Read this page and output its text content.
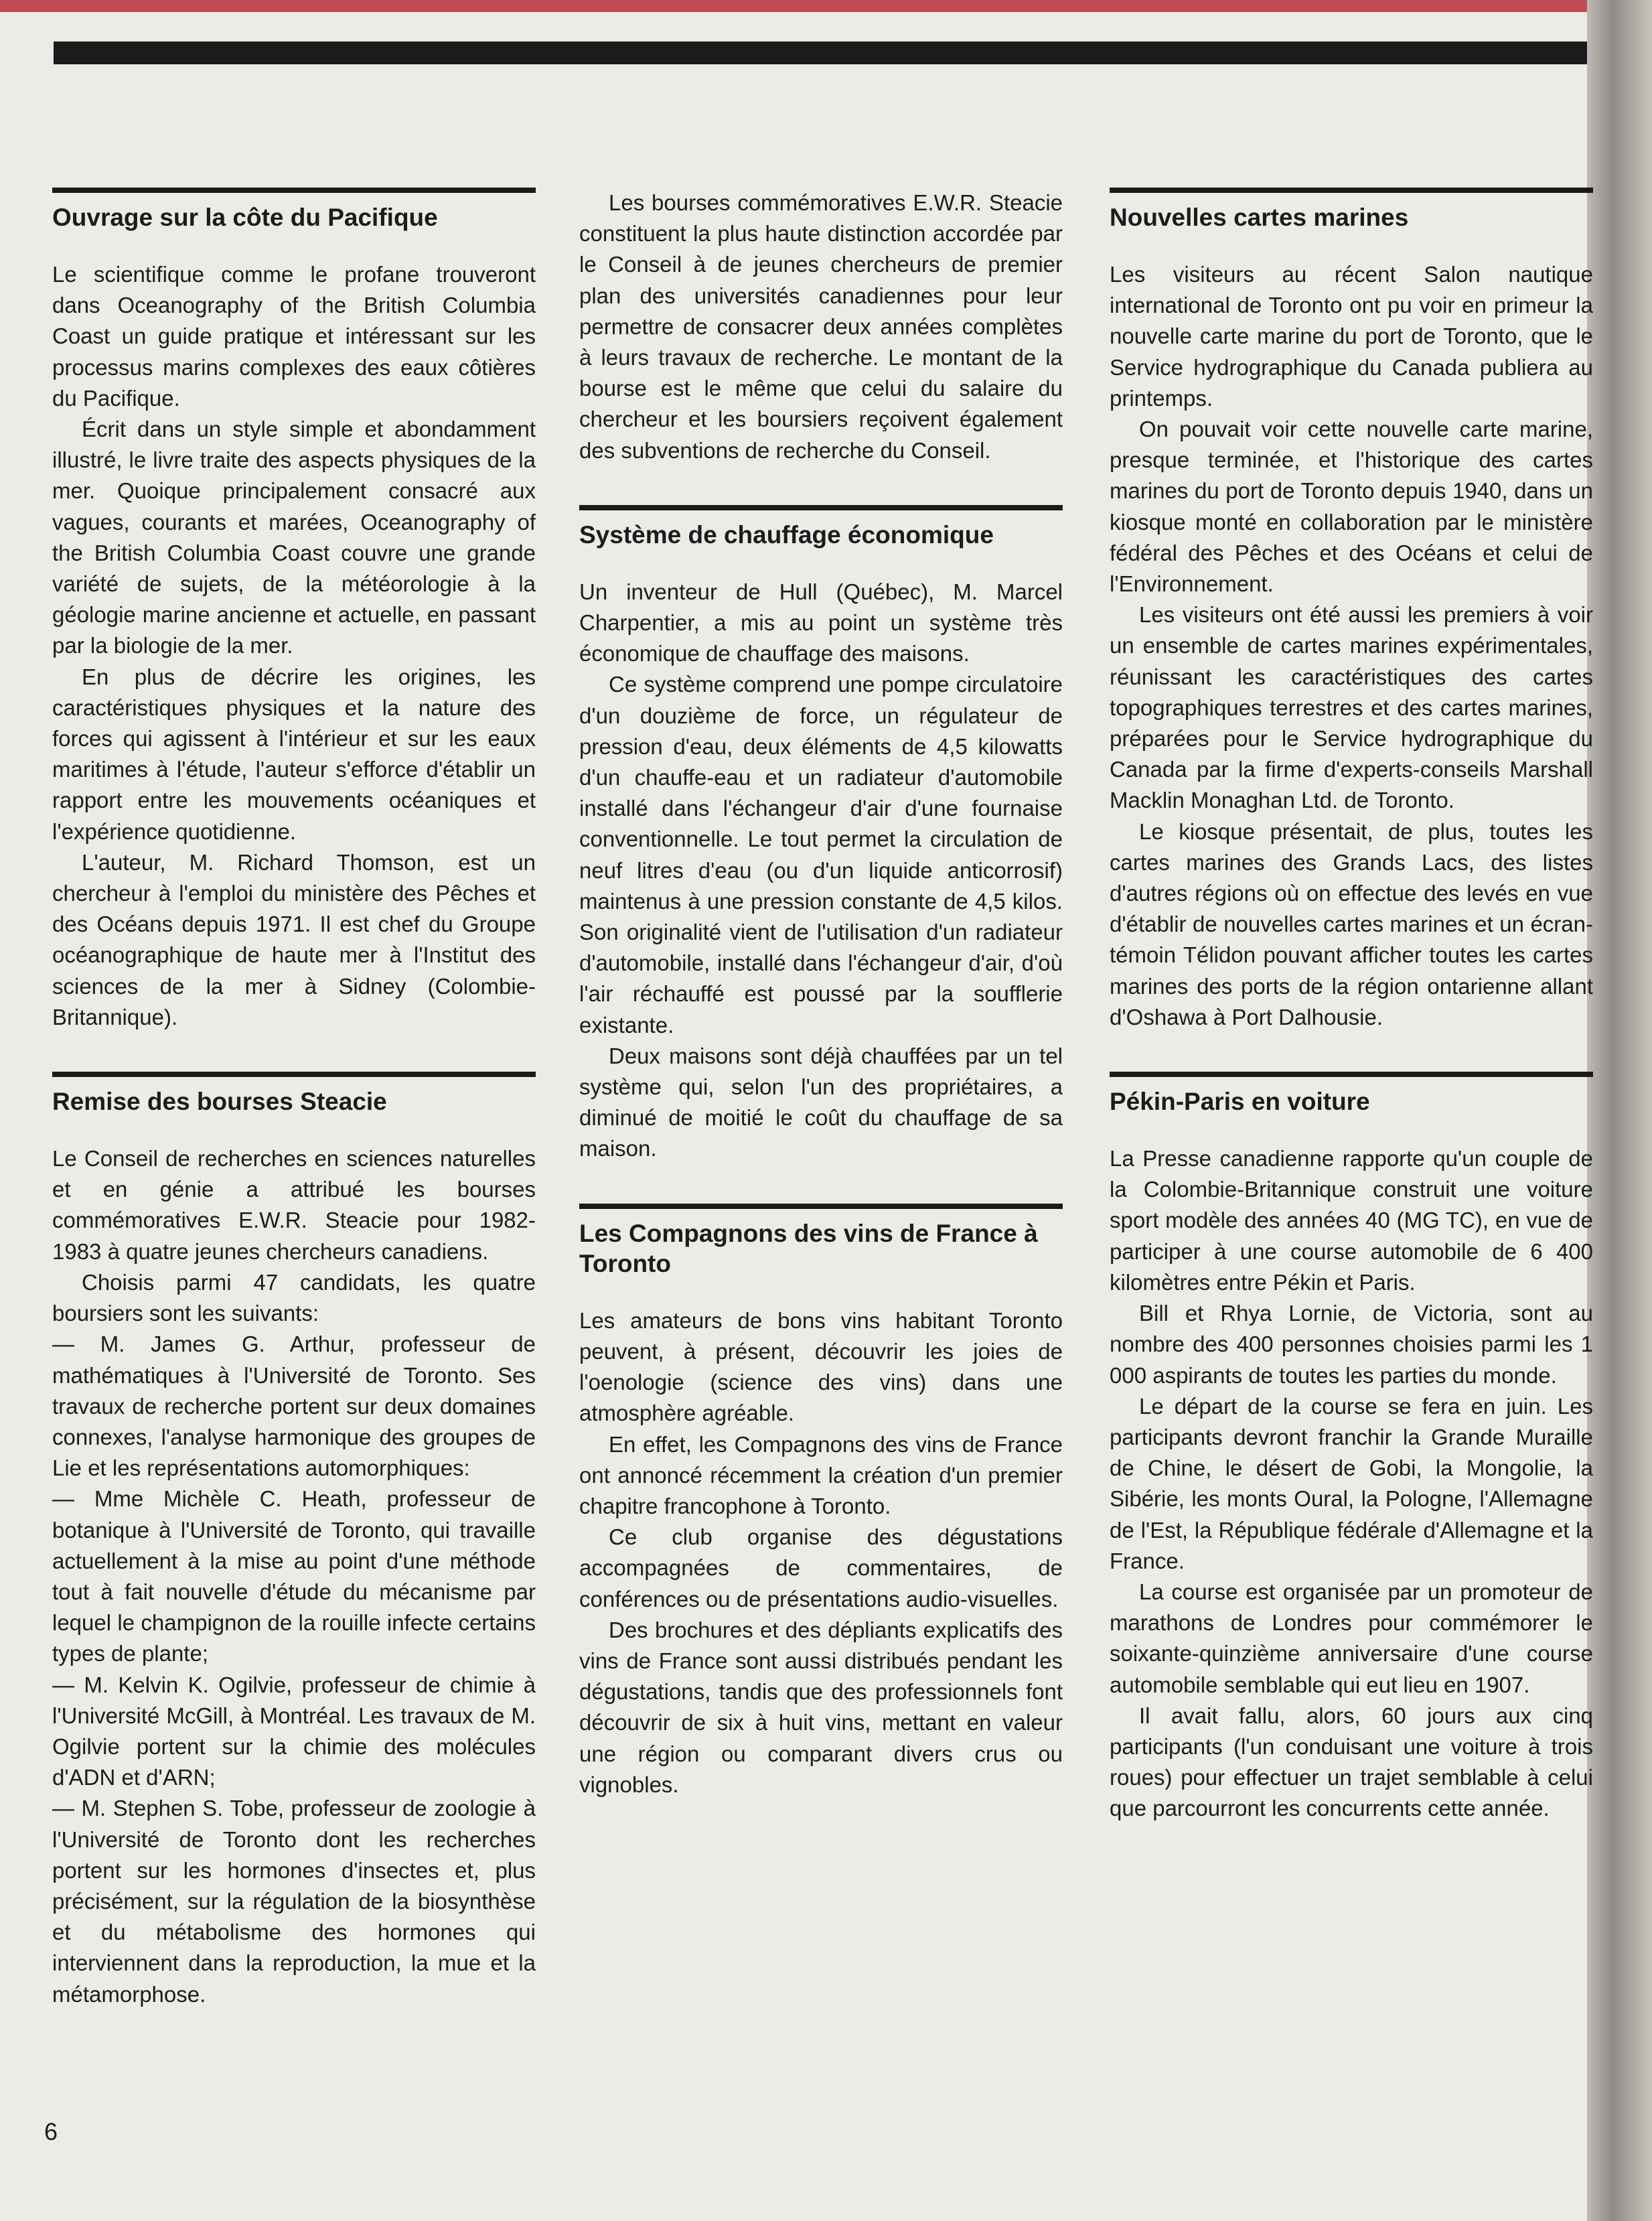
Ouvrage sur la côte du Pacifique

Le scientifique comme le profane trouveront dans Oceanography of the British Columbia Coast un guide pratique et intéressant sur les processus marins complexes des eaux côtières du Pacifique.

Écrit dans un style simple et abondamment illustré, le livre traite des aspects physiques de la mer. Quoique principalement consacré aux vagues, courants et marées, Oceanography of the British Columbia Coast couvre une grande variété de sujets, de la météorologie à la géologie marine ancienne et actuelle, en passant par la biologie de la mer.

En plus de décrire les origines, les caractéristiques physiques et la nature des forces qui agissent à l'intérieur et sur les eaux maritimes à l'étude, l'auteur s'efforce d'établir un rapport entre les mouvements océaniques et l'expérience quotidienne.

L'auteur, M. Richard Thomson, est un chercheur à l'emploi du ministère des Pêches et des Océans depuis 1971. Il est chef du Groupe océanographique de haute mer à l'Institut des sciences de la mer à Sidney (Colombie-Britannique).

Remise des bourses Steacie

Le Conseil de recherches en sciences naturelles et en génie a attribué les bourses commémoratives E.W.R. Steacie pour 1982-1983 à quatre jeunes chercheurs canadiens.

Choisis parmi 47 candidats, les quatre boursiers sont les suivants:

— M. James G. Arthur, professeur de mathématiques à l'Université de Toronto. Ses travaux de recherche portent sur deux domaines connexes, l'analyse harmonique des groupes de Lie et les représentations automorphiques:

— Mme Michèle C. Heath, professeur de botanique à l'Université de Toronto, qui travaille actuellement à la mise au point d'une méthode tout à fait nouvelle d'étude du mécanisme par lequel le champignon de la rouille infecte certains types de plante;

— M. Kelvin K. Ogilvie, professeur de chimie à l'Université McGill, à Montréal. Les travaux de M. Ogilvie portent sur la chimie des molécules d'ADN et d'ARN;

— M. Stephen S. Tobe, professeur de zoologie à l'Université de Toronto dont les recherches portent sur les hormones d'insectes et, plus précisément, sur la régulation de la biosynthèse et du métabolisme des hormones qui interviennent dans la reproduction, la mue et la métamorphose.

Les bourses commémoratives E.W.R. Steacie constituent la plus haute distinction accordée par le Conseil à de jeunes chercheurs de premier plan des universités canadiennes pour leur permettre de consacrer deux années complètes à leurs travaux de recherche. Le montant de la bourse est le même que celui du salaire du chercheur et les boursiers reçoivent également des subventions de recherche du Conseil.

Système de chauffage économique

Un inventeur de Hull (Québec), M. Marcel Charpentier, a mis au point un système très économique de chauffage des maisons.

Ce système comprend une pompe circulatoire d'un douzième de force, un régulateur de pression d'eau, deux éléments de 4,5 kilowatts d'un chauffe-eau et un radiateur d'automobile installé dans l'échangeur d'air d'une fournaise conventionnelle. Le tout permet la circulation de neuf litres d'eau (ou d'un liquide anticorrosif) maintenus à une pression constante de 4,5 kilos. Son originalité vient de l'utilisation d'un radiateur d'automobile, installé dans l'échangeur d'air, d'où l'air réchauffé est poussé par la soufflerie existante.

Deux maisons sont déjà chauffées par un tel système qui, selon l'un des propriétaires, a diminué de moitié le coût du chauffage de sa maison.

Les Compagnons des vins de France à Toronto

Les amateurs de bons vins habitant Toronto peuvent, à présent, découvrir les joies de l'oenologie (science des vins) dans une atmosphère agréable.

En effet, les Compagnons des vins de France ont annoncé récemment la création d'un premier chapitre francophone à Toronto.

Ce club organise des dégustations accompagnées de commentaires, de conférences ou de présentations audio-visuelles.

Des brochures et des dépliants explicatifs des vins de France sont aussi distribués pendant les dégustations, tandis que des professionnels font découvrir de six à huit vins, mettant en valeur une région ou comparant divers crus ou vignobles.

Nouvelles cartes marines

Les visiteurs au récent Salon nautique international de Toronto ont pu voir en primeur la nouvelle carte marine du port de Toronto, que le Service hydrographique du Canada publiera au printemps.

On pouvait voir cette nouvelle carte marine, presque terminée, et l'historique des cartes marines du port de Toronto depuis 1940, dans un kiosque monté en collaboration par le ministère fédéral des Pêches et des Océans et celui de l'Environnement.

Les visiteurs ont été aussi les premiers à voir un ensemble de cartes marines expérimentales, réunissant les caractéristiques des cartes topographiques terrestres et des cartes marines, préparées pour le Service hydrographique du Canada par la firme d'experts-conseils Marshall Macklin Monaghan Ltd. de Toronto.

Le kiosque présentait, de plus, toutes les cartes marines des Grands Lacs, des listes d'autres régions où on effectue des levés en vue d'établir de nouvelles cartes marines et un écran-témoin Télidon pouvant afficher toutes les cartes marines des ports de la région ontarienne allant d'Oshawa à Port Dalhousie.

Pékin-Paris en voiture

La Presse canadienne rapporte qu'un couple de la Colombie-Britannique construit une voiture sport modèle des années 40 (MG TC), en vue de participer à une course automobile de 6 400 kilomètres entre Pékin et Paris.

Bill et Rhya Lornie, de Victoria, sont au nombre des 400 personnes choisies parmi les 1 000 aspirants de toutes les parties du monde.

Le départ de la course se fera en juin. Les participants devront franchir la Grande Muraille de Chine, le désert de Gobi, la Mongolie, la Sibérie, les monts Oural, la Pologne, l'Allemagne de l'Est, la République fédérale d'Allemagne et la France.

La course est organisée par un promoteur de marathons de Londres pour commémorer le soixante-quinzième anniversaire d'une course automobile semblable qui eut lieu en 1907.

Il avait fallu, alors, 60 jours aux cinq participants (l'un conduisant une voiture à trois roues) pour effectuer un trajet semblable à celui que parcourront les concurrents cette année.

6
